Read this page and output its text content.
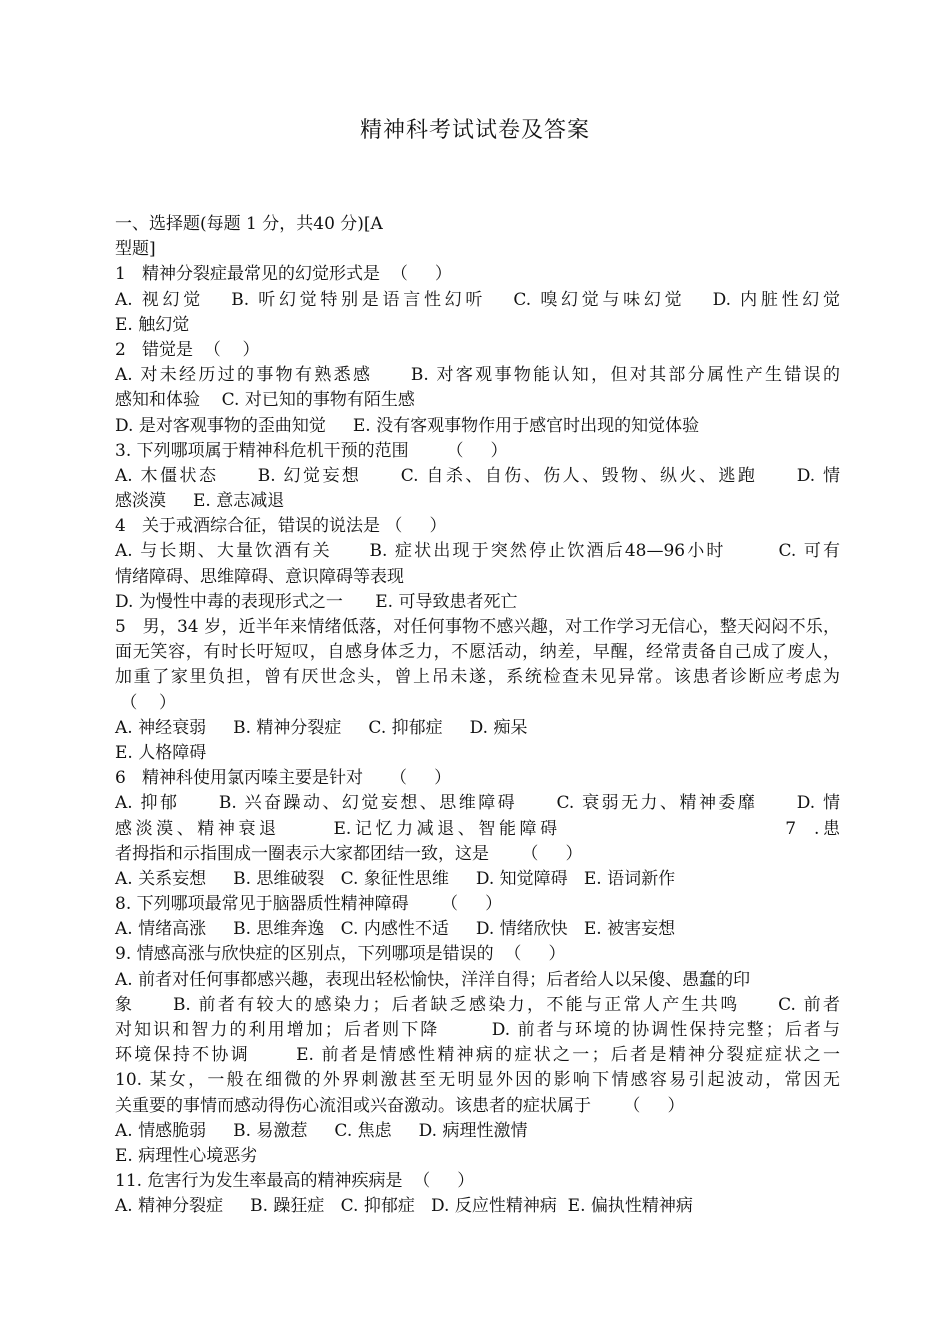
精神科考试试卷及答案
一、选择题(每题 1 分，共40 分)[A
型题]
1   精神分裂症最常见的幻觉形式是  （     ）
A. 视幻觉   B. 听幻觉特别是语言性幻听   C. 嗅幻觉与味幻觉   D. 内脏性幻觉
E. 触幻觉
2   错觉是  （    ）
A. 对未经历过的事物有熟悉感     B. 对客观事物能认知，但对其部分属性产生错误的
感知和体验    C. 对已知的事物有陌生感
D. 是对客观事物的歪曲知觉     E. 没有客观事物作用于感官时出现的知觉体验
3. 下列哪项属于精神科危机干预的范围       （     ）
A. 木僵状态     B. 幻觉妄想     C. 自杀、自伤、伤人、毁物、纵火、逃跑     D. 情
感淡漠     E. 意志减退
4   关于戒酒综合征，错误的说法是 （     ）
A. 与长期、大量饮酒有关     B. 症状出现于突然停止饮酒后48—96小时       C. 可有
情绪障碍、思维障碍、意识障碍等表现
D. 为慢性中毒的表现形式之一      E. 可导致患者死亡
5   男，34 岁，近半年来情绪低落，对任何事物不感兴趣，对工作学习无信心，整天闷闷不乐，
面无笑容，有时长吁短叹，自感身体乏力，不愿活动，纳差，早醒，经常责备自己成了废人，
加重了家里负担，曾有厌世念头，曾上吊未遂，系统检查未见异常。该患者诊断应考虑为
（    ）
A. 神经衰弱     B. 精神分裂症     C. 抑郁症     D. 痴呆
E. 人格障碍
6   精神科使用氯丙嗪主要是针对     （     ）
A. 抑郁     B. 兴奋躁动、幻觉妄想、思维障碍     C. 衰弱无力、精神委靡     D. 情
感淡漠、精神衰退      E.记忆力减退、智能障碍                         7  .患
者拇指和示指围成一圈表示大家都团结一致，这是      （     ）
A. 关系妄想     B. 思维破裂   C. 象征性思维     D. 知觉障碍   E. 语词新作
8. 下列哪项最常见于脑器质性精神障碍      （     ）
A. 情绪高涨     B. 思维奔逸   C. 内感性不适     D. 情绪欣快   E. 被害妄想
9. 情感高涨与欣快症的区别点，下列哪项是错误的  （     ）
A. 前者对任何事都感兴趣，表现出轻松愉快，洋洋自得；后者给人以呆傻、愚蠢的印
象     B. 前者有较大的感染力；后者缺乏感染力，不能与正常人产生共鸣     C. 前者
对知识和智力的利用增加；后者则下降       D. 前者与环境的协调性保持完整；后者与
环境保持不协调      E. 前者是情感性精神病的症状之一；后者是精神分裂症症状之一
10. 某女，一般在细微的外界刺激甚至无明显外因的影响下情感容易引起波动，常因无
关重要的事情而感动得伤心流泪或兴奋激动。该患者的症状属于      （     ）
A. 情感脆弱     B. 易激惹     C. 焦虑     D. 病理性激情
E. 病理性心境恶劣
11. 危害行为发生率最高的精神疾病是  （     ）
A. 精神分裂症     B. 躁狂症   C. 抑郁症   D. 反应性精神病  E. 偏执性精神病
